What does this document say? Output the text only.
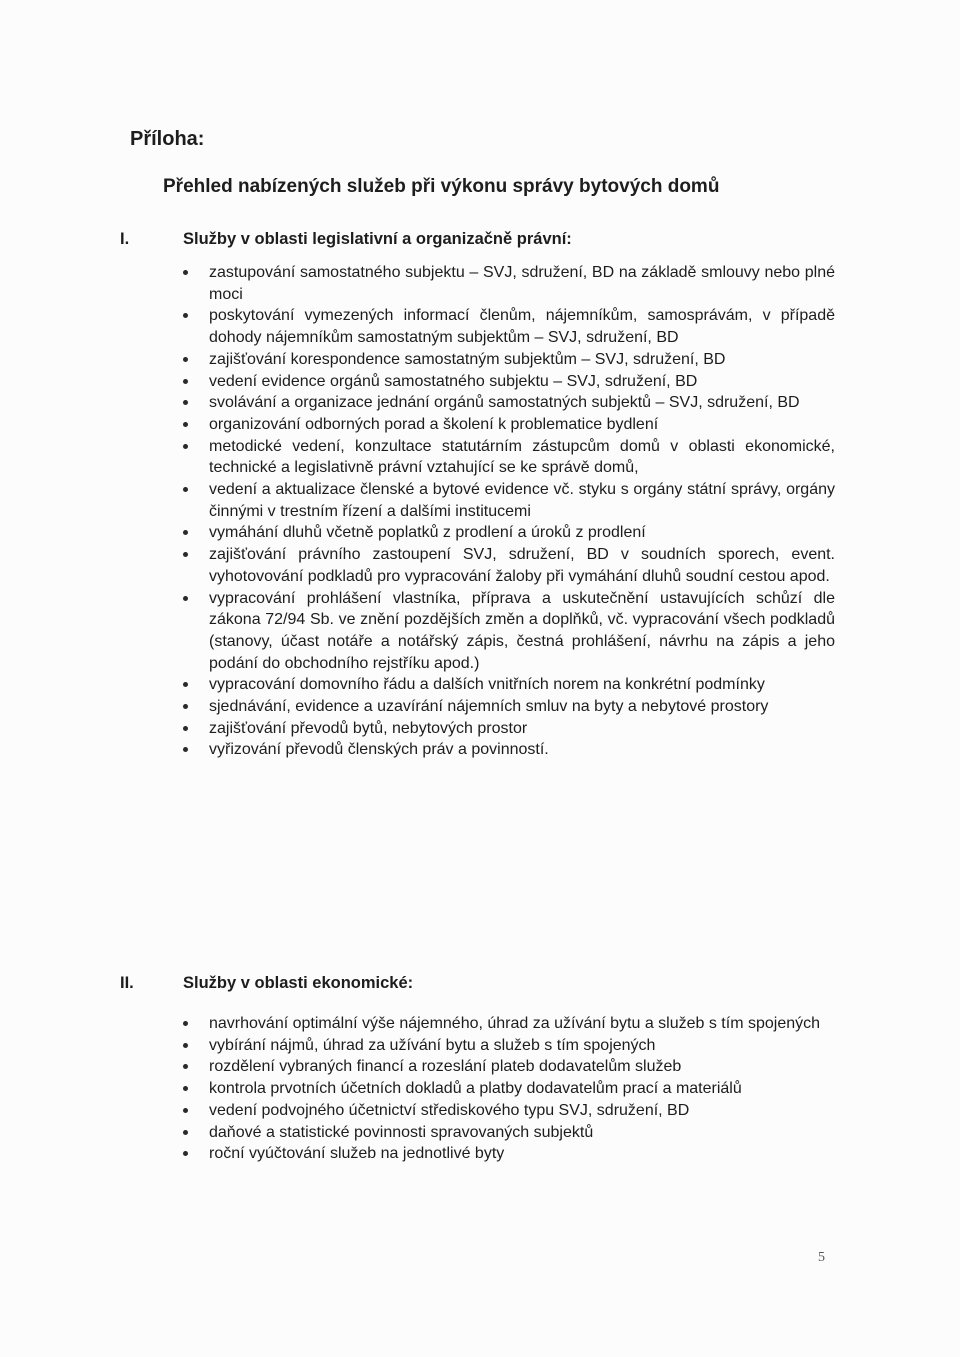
Příloha:
Přehled nabízených služeb při výkonu správy bytových domů
I.	Služby v oblasti legislativní a organizačně právní:
zastupování samostatného subjektu – SVJ, sdružení, BD na základě smlouvy nebo plné moci
poskytování vymezených informací členům, nájemníkům, samosprávám, v případě dohody nájemníkům samostatným subjektům – SVJ, sdružení, BD
zajišťování korespondence samostatným subjektům – SVJ, sdružení, BD
vedení evidence orgánů samostatného subjektu – SVJ, sdružení, BD
svolávání a organizace jednání orgánů samostatných subjektů – SVJ, sdružení, BD
organizování odborných porad a školení k problematice bydlení
metodické vedení, konzultace statutárním zástupcům domů v oblasti ekonomické, technické a legislativně právní vztahující se ke správě domů,
vedení a aktualizace členské a bytové evidence vč. styku s orgány státní správy, orgány činnými v trestním řízení a dalšími institucemi
vymáhání dluhů včetně poplatků z prodlení a úroků z prodlení
zajišťování právního zastoupení SVJ, sdružení, BD v soudních sporech, event. vyhotovování podkladů pro vypracování žaloby při vymáhání dluhů soudní cestou apod.
vypracování prohlášení vlastníka, příprava a uskutečnění ustavujících schůzí dle zákona 72/94 Sb. ve znění pozdějších změn a doplňků, vč. vypracování všech podkladů (stanovy, účast notáře a notářský zápis, čestná prohlášení, návrhu na zápis a jeho podání do obchodního rejstříku apod.)
vypracování domovního řádu a dalších vnitřních norem na konkrétní podmínky
sjednávání, evidence a uzavírání nájemních smluv na byty a nebytové prostory
zajišťování převodů bytů, nebytových prostor
vyřizování převodů členských práv a povinností.
II.	Služby v oblasti ekonomické:
navrhování optimální výše nájemného, úhrad za užívání bytu a služeb s tím spojených
vybírání nájmů, úhrad za užívání bytu a služeb s tím spojených
rozdělení vybraných financí a rozeslání plateb dodavatelům služeb
kontrola prvotních účetních dokladů a platby dodavatelům prací a materiálů
vedení podvojného účetnictví střediskového typu SVJ, sdružení, BD
daňové a statistické povinnosti spravovaných subjektů
roční vyúčtování služeb na jednotlivé byty
5
